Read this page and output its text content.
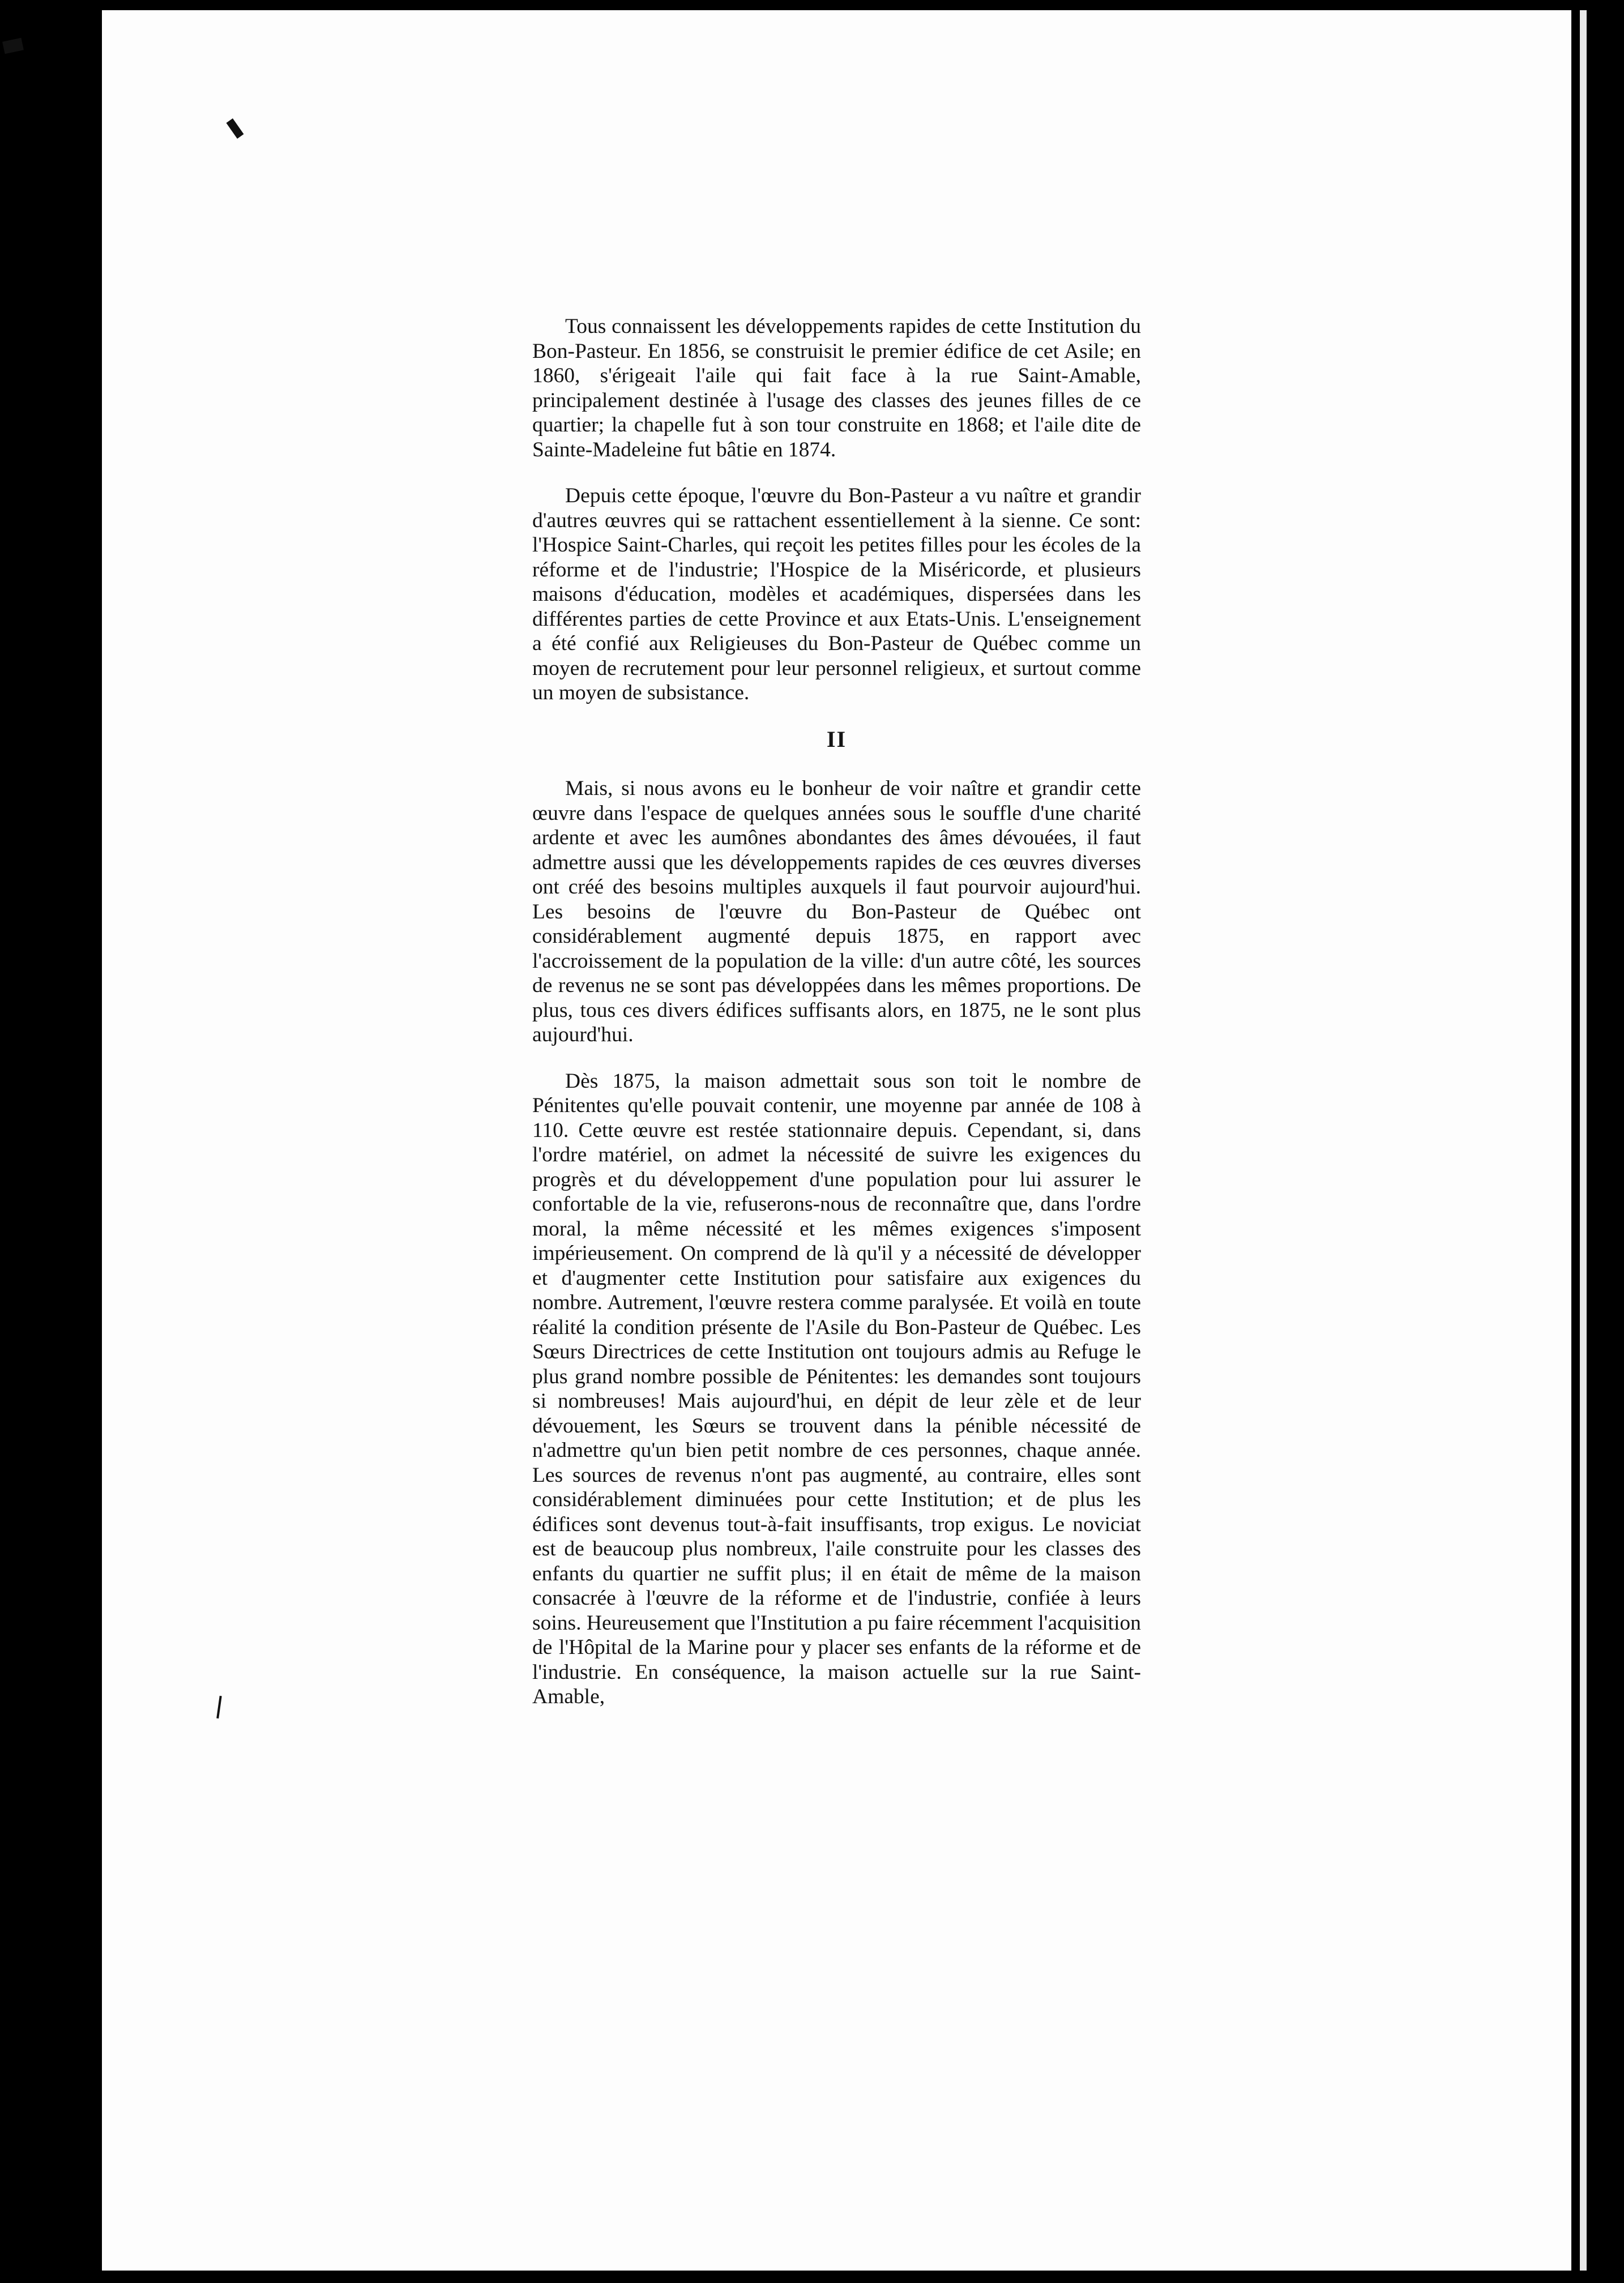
Tous connaissent les développements rapides de cette Institution du Bon-Pasteur. En 1856, se construisit le premier édifice de cet Asile; en 1860, s'érigeait l'aile qui fait face à la rue Saint-Amable, principalement destinée à l'usage des classes des jeunes filles de ce quartier; la chapelle fut à son tour construite en 1868; et l'aile dite de Sainte-Madeleine fut bâtie en 1874.

Depuis cette époque, l'œuvre du Bon-Pasteur a vu naître et grandir d'autres œuvres qui se rattachent essentiellement à la sienne. Ce sont: l'Hospice Saint-Charles, qui reçoit les petites filles pour les écoles de la réforme et de l'industrie; l'Hospice de la Miséricorde, et plusieurs maisons d'éducation, modèles et académiques, dispersées dans les différentes parties de cette Province et aux Etats-Unis. L'enseignement a été confié aux Religieuses du Bon-Pasteur de Québec comme un moyen de recrutement pour leur personnel religieux, et surtout comme un moyen de subsistance.

II

Mais, si nous avons eu le bonheur de voir naître et grandir cette œuvre dans l'espace de quelques années sous le souffle d'une charité ardente et avec les aumônes abondantes des âmes dévouées, il faut admettre aussi que les développements rapides de ces œuvres diverses ont créé des besoins multiples auxquels il faut pourvoir aujourd'hui. Les besoins de l'œuvre du Bon-Pasteur de Québec ont considérablement augmenté depuis 1875, en rapport avec l'accroissement de la population de la ville: d'un autre côté, les sources de revenus ne se sont pas développées dans les mêmes proportions. De plus, tous ces divers édifices suffisants alors, en 1875, ne le sont plus aujourd'hui.

Dès 1875, la maison admettait sous son toit le nombre de Pénitentes qu'elle pouvait contenir, une moyenne par année de 108 à 110. Cette œuvre est restée stationnaire depuis. Cependant, si, dans l'ordre matériel, on admet la nécessité de suivre les exigences du progrès et du développement d'une population pour lui assurer le confortable de la vie, refuserons-nous de reconnaître que, dans l'ordre moral, la même nécessité et les mêmes exigences s'imposent impérieusement. On comprend de là qu'il y a nécessité de développer et d'augmenter cette Institution pour satisfaire aux exigences du nombre. Autrement, l'œuvre restera comme paralysée. Et voilà en toute réalité la condition présente de l'Asile du Bon-Pasteur de Québec. Les Sœurs Directrices de cette Institution ont toujours admis au Refuge le plus grand nombre possible de Pénitentes: les demandes sont toujours si nombreuses! Mais aujourd'hui, en dépit de leur zèle et de leur dévouement, les Sœurs se trouvent dans la pénible nécessité de n'admettre qu'un bien petit nombre de ces personnes, chaque année. Les sources de revenus n'ont pas augmenté, au contraire, elles sont considérablement diminuées pour cette Institution; et de plus les édifices sont devenus tout-à-fait insuffisants, trop exigus. Le noviciat est de beaucoup plus nombreux, l'aile construite pour les classes des enfants du quartier ne suffit plus; il en était de même de la maison consacrée à l'œuvre de la réforme et de l'industrie, confiée à leurs soins. Heureusement que l'Institution a pu faire récemment l'acquisition de l'Hôpital de la Marine pour y placer ses enfants de la réforme et de l'industrie. En conséquence, la maison actuelle sur la rue Saint-Amable,
